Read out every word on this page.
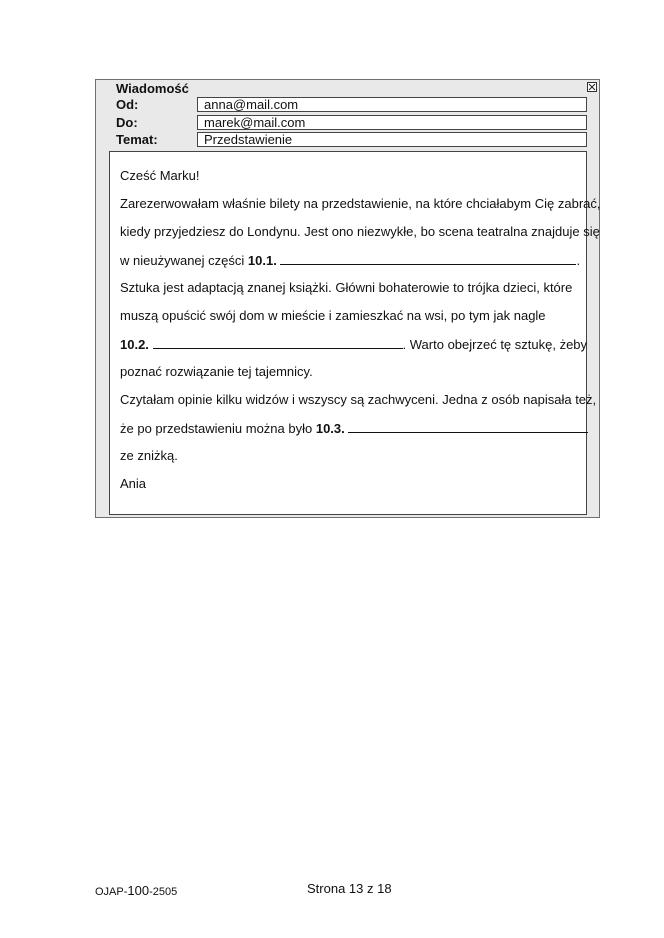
Wiadomość
Od:	anna@mail.com
Do:	marek@mail.com
Temat:	Przedstawienie
Cześć Marku!
Zarezerwowałam właśnie bilety na przedstawienie, na które chciałabym Cię zabrać,
kiedy przyjedziesz do Londynu. Jest ono niezwykłe, bo scena teatralna znajduje się
w nieużywanej części 10.1.	.
Sztuka jest adaptacją znanej książki. Główni bohaterowie to trójka dzieci, które
muszą opuścić swój dom w mieście i zamieszkać na wsi, po tym jak nagle
10.2.	. Warto obejrzeć tę sztukę, żeby
poznać rozwiązanie tej tajemnicy.
Czytałam opinie kilku widzów i wszyscy są zachwyceni. Jedna z osób napisała też,
że po przedstawieniu można było 10.3.
ze zniżką.
Ania
OJAP-100-2505	Strona 13 z 18
